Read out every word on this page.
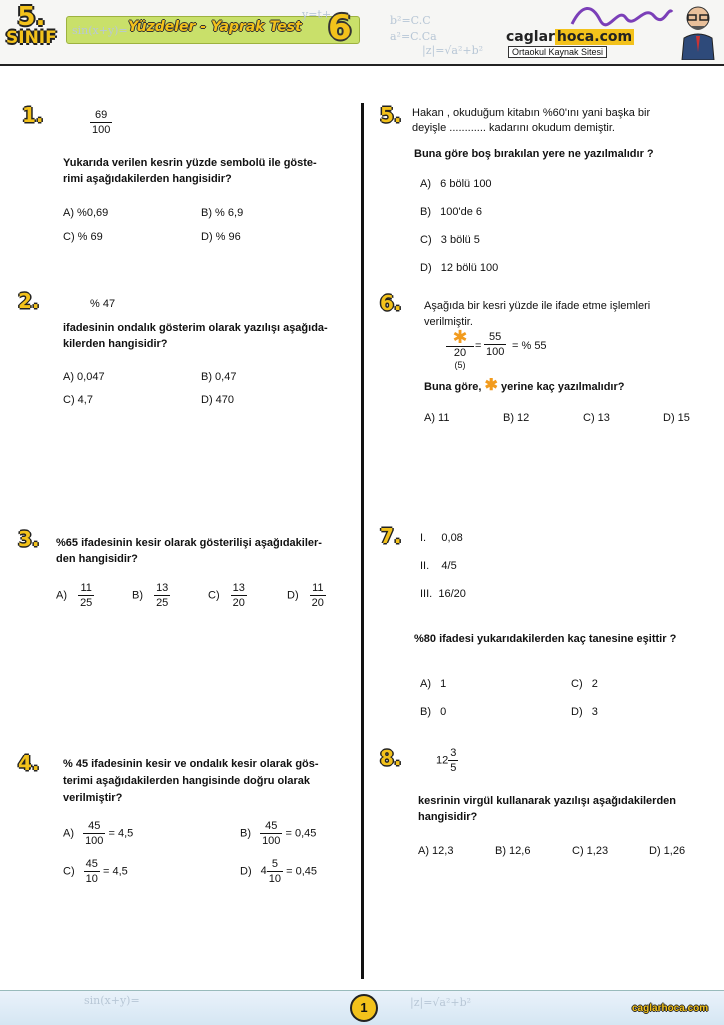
5.
SINIF
Yüzdeler - Yaprak Test 6
sin(x+y)=
b²=C.C
a²=C.Ca
|z|=√a²+b²
y=t+
caglar hoca.com
Ortaokul Kaynak Sitesi
1.	$\frac{69}{100}$
Yukarıda verilen kesrin yüzde sembolü ile göste-
rimi aşağıdakilerden hangisidir?
A) %0,69	B) % 6,9
C) % 69	D) % 96
2.	% 47
ifadesinin ondalık gösterim olarak yazılışı aşağıda-
kilerden hangisidir?
A) 0,047	B) 0,47
C) 4,7	D) 470
3. %65 ifadesinin kesir olarak gösterilişi aşağıdakiler-
den hangisidir?
$A) \frac{11}{25}$	$B) \frac{13}{25}$	$C) \frac{13}{20}$	$D) \frac{11}{20}$
4. % 45 ifadesinin kesir ve ondalık kesir olarak gös-
terimi aşağıdakilerden hangisinde doğru olarak
verilmiştir?
$A) \frac{45}{100} = 4,5$	$B) \frac{45}{100} = 0,45$
$C) \frac{45}{10} = 4,5$	D) $4 \frac{5}{10} = 0,45$
5. Hakan , okuduğum kitabın %60'ını yani başka bir
deyişle ............ kadarını okudum demiştir.
Buna göre boş bırakılan yere ne yazılmalıdır ?
A) 6 bölü 100
B) 100'de 6
C) 3 bölü 5
D) 12 bölü 100
6. Aşağıda bir kesri yüzde ile ifade etme işlemleri
verilmiştir.
✱
20
(5)
= $\frac{55}{100}$ = % 55
Buna göre, ✱ yerine kaç yazılmalıdır?
A) 11	B) 12	C) 13	D) 15
7. I.     0,08
II.    4/5
III.  16/20
%80 ifadesi yukarıdakilerden kaç tanesine eşittir ?
A) 1	C) 2
B) 0	D) 3
8.	$12 \frac{3}{5}$
kesrinin virgül kullanarak yazılışı aşağıdakilerden
hangisidir?
A) 12,3	B) 12,6	C) 1,23	D) 1,26
sin(x+y)=	|z|=√a²+b²
1	caglarhoca.com
